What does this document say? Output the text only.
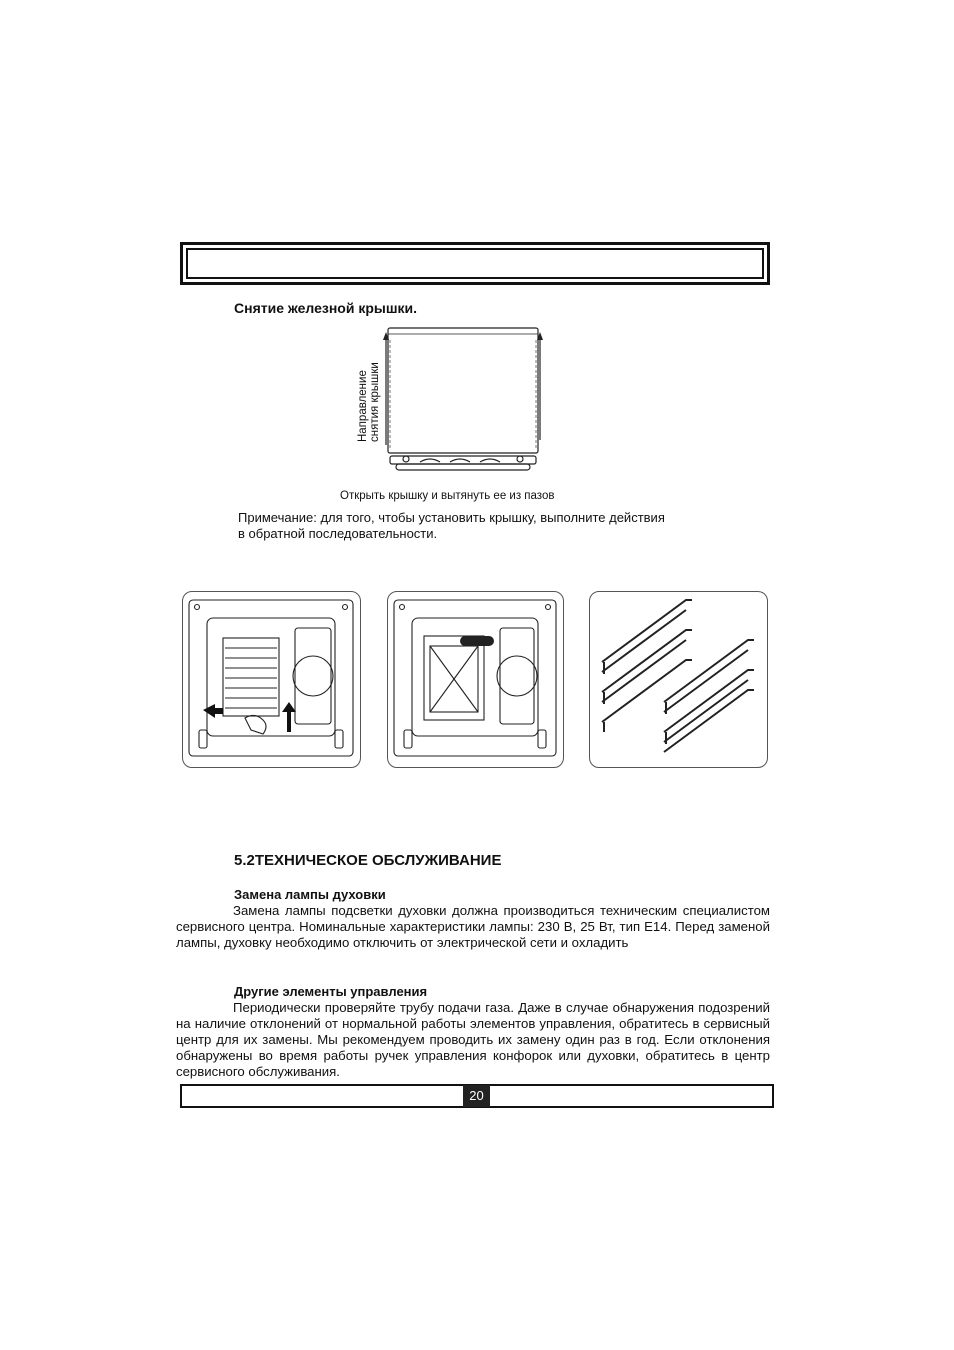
Снятие железной крышки.
Направление снятия крышки
Открыть крышку и вытянуть ее из пазов
Примечание: для того, чтобы установить крышку, выполните действия
в обратной последовательности.
5.2ТЕХНИЧЕСКОЕ ОБСЛУЖИВАНИЕ
Замена лампы духовки
Замена лампы подсветки духовки должна производиться техническим специалистом сервисного центра. Номинальные характеристики лампы: 230 В, 25 Вт, тип E14. Перед заменой лампы, духовку необходимо отключить от электрической сети и охладить
Другие элементы управления
Периодически проверяйте трубу подачи газа. Даже в случае обнаружения подозрений на наличие отклонений от нормальной работы элементов управления, обратитесь в сервисный центр для их замены. Мы рекомендуем проводить их замену один раз в год. Если отклонения обнаружены во время работы ручек управления конфорок или духовки, обратитесь в центр сервисного обслуживания.
20
